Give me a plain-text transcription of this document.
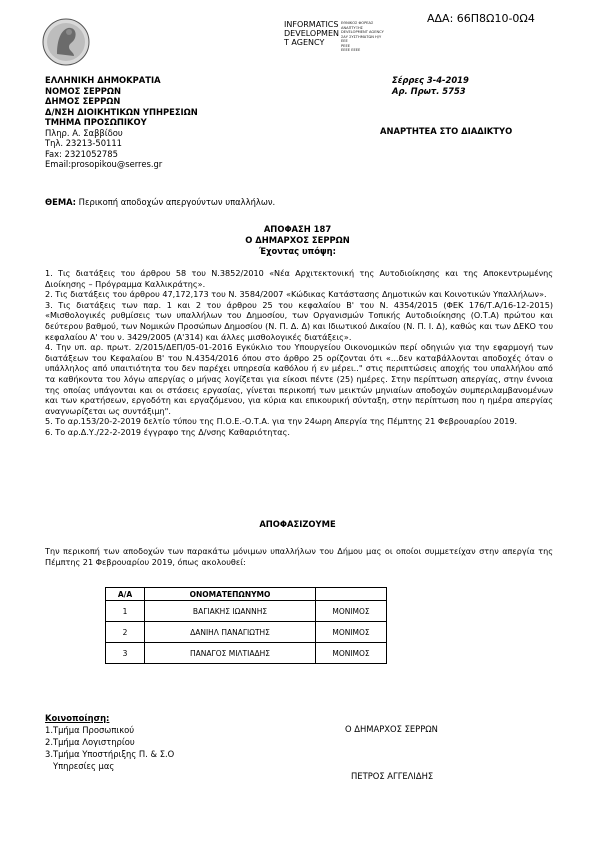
ΑΔΑ: 66Π8Ω10-0Ω4
INFORMATICS
DEVELOPMEN
T AGENCY
ΕΘΝΙΚΟΣ ΦΟΡΕΑΣ
ΑΝΑΠΤΥΞΗΣ
DEVELOPMENT AGENCY
ΣΑΥ ΣΥΣΤΗΜΑΤΩΝ Η/Υ
ΕΕΕ
ΡΕΕΕ
ΕΕΕΕ ΕΕΕΕ
ΕΛΛΗΝΙΚΗ ΔΗΜΟΚΡΑΤΙΑ
ΝΟΜΟΣ ΣΕΡΡΩΝ
ΔΗΜΟΣ ΣΕΡΡΩΝ
Δ/ΝΣΗ ΔΙΟΙΚΗΤΙΚΩΝ ΥΠΗΡΕΣΙΩΝ
ΤΜΗΜΑ ΠΡΟΣΩΠΙΚΟΥ
Πληρ. Α. Σαββίδου
Τηλ. 23213-50111
Fax: 2321052785
Email:prosopikou@serres.gr
Σέρρες 3-4-2019
Αρ. Πρωτ. 5753
ΑΝΑΡΤΗΤΕΑ ΣΤΟ ΔΙΑΔΙΚΤΥΟ
ΘΕΜΑ: Περικοπή αποδοχών απεργούντων υπαλλήλων.
ΑΠΟΦΑΣΗ 187
Ο ΔΗΜΑΡΧΟΣ ΣΕΡΡΩΝ
Έχοντας υπόψη:

1. Τις διατάξεις του άρθρου 58 του Ν.3852/2010 «Νέα Αρχιτεκτονική της Αυτοδιοίκησης και της Αποκεντρωμένης Διοίκησης – Πρόγραμμα Καλλικράτης».

2. Τις διατάξεις του άρθρου 47,172,173 του Ν. 3584/2007 «Κώδικας Κατάστασης Δημοτικών και Κοινοτικών Υπαλλήλων».

3. Τις διατάξεις των παρ. 1 και 2 του άρθρου 25 του κεφαλαίου Β' του Ν. 4354/2015 (ΦΕΚ 176/Τ.Α/16-12-2015) «Μισθολογικές ρυθμίσεις των υπαλλήλων του Δημοσίου, των Οργανισμών Τοπικής Αυτοδιοίκησης (Ο.Τ.Α) πρώτου και δεύτερου βαθμού, των Νομικών Προσώπων Δημοσίου (Ν. Π. Δ. Δ) και Ιδιωτικού Δικαίου (Ν. Π. Ι. Δ), καθώς και των ΔΕΚΟ του κεφαλαίου Α' του ν. 3429/2005 (Α'314) και άλλες μισθολογικές διατάξεις».

4. Την υπ. αρ. πρωτ. 2/2015/ΔΕΠ/05-01-2016 Εγκύκλιο του Υπουργείου Οικονομικών περί οδηγιών για την εφαρμογή των διατάξεων του Κεφαλαίου Β' του Ν.4354/2016 όπου στο άρθρο 25 ορίζονται ότι «...δεν καταβάλλονται αποδοχές όταν ο υπάλληλος από υπαιτιότητα του δεν παρέχει υπηρεσία καθόλου ή εν μέρει.." στις περιπτώσεις αποχής του υπαλλήλου από τα καθήκοντα του λόγω απεργίας ο μήνας λογίζεται για είκοσι πέντε (25) ημέρες. Στην περίπτωση απεργίας, στην έννοια της οποίας υπάγονται και οι στάσεις εργασίας, γίνεται περικοπή των μεικτών μηνιαίων αποδοχών συμπεριλαμβανομένων και των κρατήσεων, εργοδότη και εργαζόμενου, για κύρια και επικουρική σύνταξη, στην περίπτωση που η ημέρα απεργίας αναγνωρίζεται ως συντάξιμη".

5. Το αρ.153/20-2-2019 δελτίο τύπου της Π.Ο.Ε.-Ο.Τ.Α. για την 24ωρη Απεργία της Πέμπτης 21 Φεβρουαρίου 2019.

6. Το αρ.Δ.Υ./22-2-2019 έγγραφο της Δ/νσης Καθαριότητας.

ΑΠΟΦΑΣΙΖΟΥΜΕ
Την περικοπή των αποδοχών των παρακάτω μόνιμων υπαλλήλων του Δήμου μας οι οποίοι συμμετείχαν στην απεργία της Πέμπτης 21 Φεβρουαρίου 2019, όπως ακολουθεί:
Α/Α	ΟΝΟΜΑΤΕΠΩΝΥΜΟ	
1	ΒΑΓΙΑΚΗΣ ΙΩΑΝΝΗΣ	ΜΟΝΙΜΟΣ
2	ΔΑΝΙΗΛ ΠΑΝΑΓΙΩΤΗΣ	ΜΟΝΙΜΟΣ
3	ΠΑΝΑΓΟΣ ΜΙΛΤΙΑΔΗΣ	ΜΟΝΙΜΟΣ
Κοινοποίηση:
1.Τμήμα Προσωπικού
2.Τμήμα Λογιστηρίου
3.Τμήμα Υποστήριξης Π. & Σ.Ο
Υπηρεσίες μας
Ο ΔΗΜΑΡΧΟΣ ΣΕΡΡΩΝ
ΠΕΤΡΟΣ ΑΓΓΕΛΙΔΗΣ
